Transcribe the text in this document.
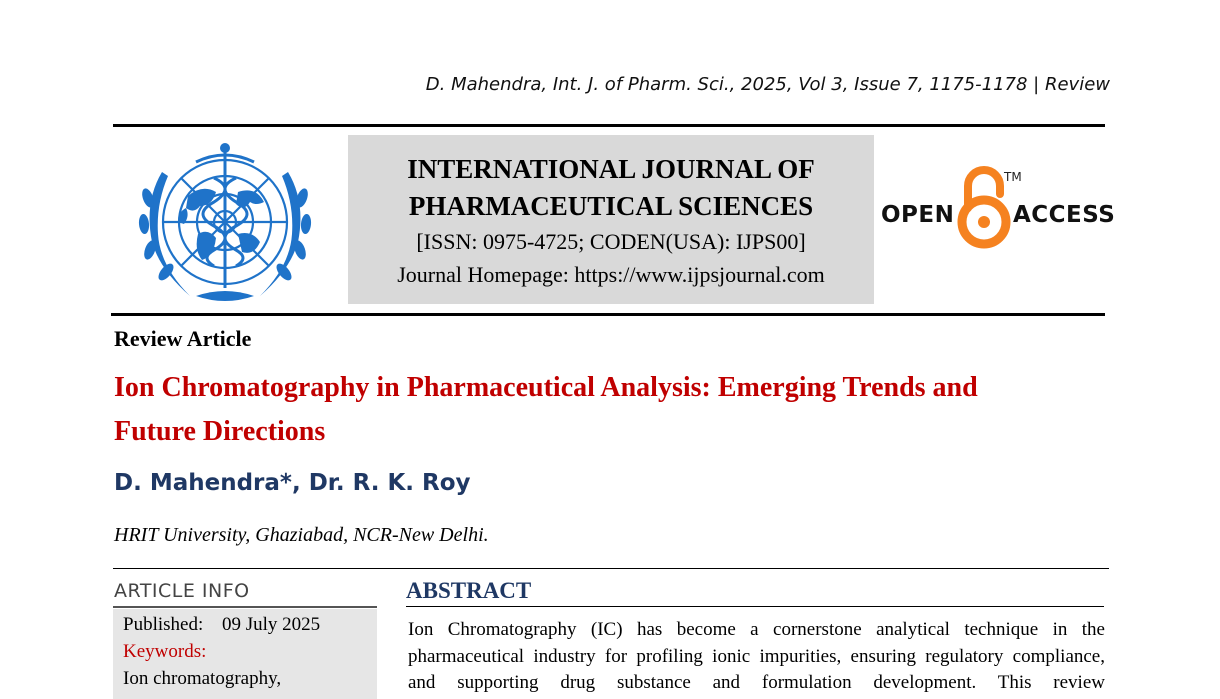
D. Mahendra, Int. J. of Pharm. Sci., 2025, Vol 3, Issue 7, 1175-1178 | Review
INTERNATIONAL JOURNAL OF
PHARMACEUTICAL SCIENCES
[ISSN: 0975-4725; CODEN(USA): IJPS00]
Journal Homepage: https://www.ijpsjournal.com
OPEN
TM
ACCESS
Review Article
Ion Chromatography in Pharmaceutical Analysis: Emerging Trends and
Future Directions
D. Mahendra*, Dr. R. K. Roy
HRIT University, Ghaziabad, NCR-New Delhi.
ARTICLE INFO
Published: 09 July 2025
Keywords:
Ion chromatography,
ABSTRACT
Ion Chromatography (IC) has become a cornerstone analytical technique in the
pharmaceutical industry for profiling ionic impurities, ensuring regulatory compliance,
and supporting drug substance and formulation development. This review
